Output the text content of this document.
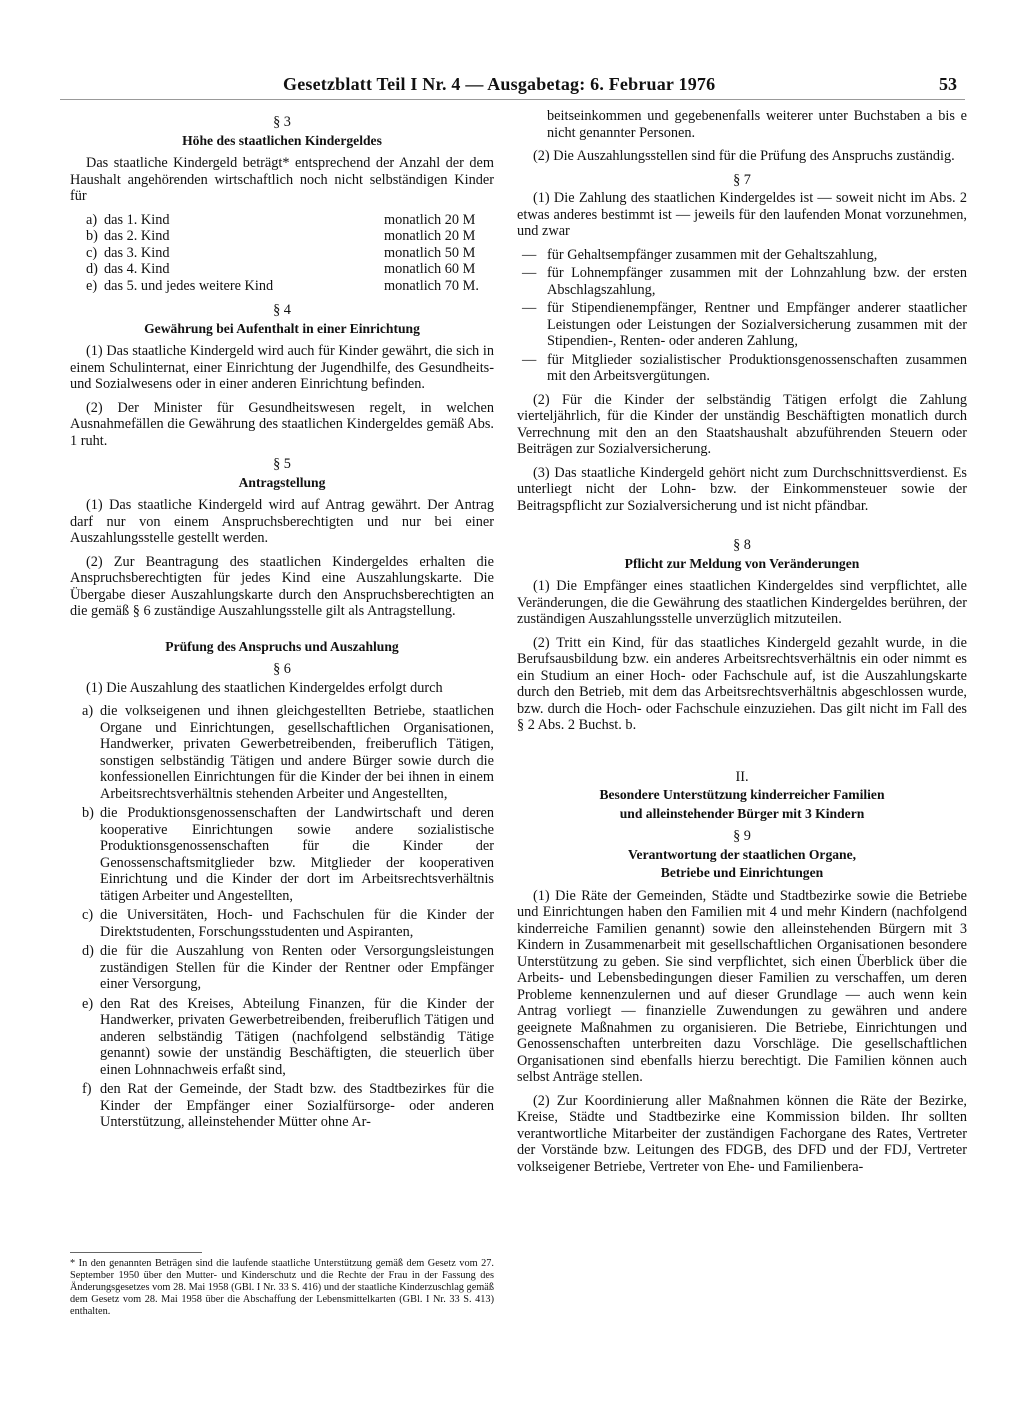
Gesetzblatt Teil I Nr. 4 — Ausgabetag: 6. Februar 1976	53
§ 3
Höhe des staatlichen Kindergeldes

Das staatliche Kindergeld beträgt* entsprechend der Anzahl der dem Haushalt angehörenden wirtschaftlich noch nicht selbständigen Kinder für

a)	das 1. Kind	monatlich 20 M
b)	das 2. Kind	monatlich 20 M
c)	das 3. Kind	monatlich 50 M
d)	das 4. Kind	monatlich 60 M
e)	das 5. und jedes weitere Kind	monatlich 70 M.
§ 4
Gewährung bei Aufenthalt in einer Einrichtung

(1) Das staatliche Kindergeld wird auch für Kinder gewährt, die sich in einem Schulinternat, einer Einrichtung der Jugendhilfe, des Gesundheits- und Sozialwesens oder in einer anderen Einrichtung befinden.

(2) Der Minister für Gesundheitswesen regelt, in welchen Ausnahmefällen die Gewährung des staatlichen Kindergeldes gemäß Abs. 1 ruht.

§ 5
Antragstellung

(1) Das staatliche Kindergeld wird auf Antrag gewährt. Der Antrag darf nur von einem Anspruchsberechtigten und nur bei einer Auszahlungsstelle gestellt werden.

(2) Zur Beantragung des staatlichen Kindergeldes erhalten die Anspruchsberechtigten für jedes Kind eine Auszahlungskarte. Die Übergabe dieser Auszahlungskarte durch den Anspruchsberechtigten an die gemäß § 6 zuständige Auszahlungsstelle gilt als Antragstellung.

Prüfung des Anspruchs und Auszahlung
§ 6

(1) Die Auszahlung des staatlichen Kindergeldes erfolgt durch

a) die volkseigenen und ihnen gleichgestellten Betriebe, staatlichen Organe und Einrichtungen, gesellschaftlichen Organisationen, Handwerker, privaten Gewerbetreibenden, freiberuflich Tätigen, sonstigen selbständig Tätigen und andere Bürger sowie durch die konfessionellen Einrichtungen für die Kinder der bei ihnen in einem Arbeitsrechtsverhältnis stehenden Arbeiter und Angestellten,
b) die Produktionsgenossenschaften der Landwirtschaft und deren kooperative Einrichtungen sowie andere sozialistische Produktionsgenossenschaften für die Kinder der Genossenschaftsmitglieder bzw. Mitglieder der kooperativen Einrichtung und die Kinder der dort im Arbeitsrechtsverhältnis tätigen Arbeiter und Angestellten,
c) die Universitäten, Hoch- und Fachschulen für die Kinder der Direktstudenten, Forschungsstudenten und Aspiranten,
d) die für die Auszahlung von Renten oder Versorgungsleistungen zuständigen Stellen für die Kinder der Rentner oder Empfänger einer Versorgung,
e) den Rat des Kreises, Abteilung Finanzen, für die Kinder der Handwerker, privaten Gewerbetreibenden, freiberuflich Tätigen und anderen selbständig Tätigen (nachfolgend selbständig Tätige genannt) sowie der unständig Beschäftigten, die steuerlich über einen Lohnnachweis erfaßt sind,
f) den Rat der Gemeinde, der Stadt bzw. des Stadtbezirkes für die Kinder der Empfänger einer Sozialfürsorge- oder anderen Unterstützung, alleinstehender Mütter ohne Ar-
* In den genannten Beträgen sind die laufende staatliche Unterstützung gemäß dem Gesetz vom 27. September 1950 über den Mutter- und Kinderschutz und die Rechte der Frau in der Fassung des Änderungsgesetzes vom 28. Mai 1958 (GBl. I Nr. 33 S. 416) und der staatliche Kinderzuschlag gemäß dem Gesetz vom 28. Mai 1958 über die Abschaffung der Lebensmittelkarten (GBl. I Nr. 33 S. 413) enthalten.

beitseinkommen und gegebenenfalls weiterer unter Buchstaben a bis e nicht genannter Personen.

(2) Die Auszahlungsstellen sind für die Prüfung des Anspruchs zuständig.

§ 7

(1) Die Zahlung des staatlichen Kindergeldes ist — soweit nicht im Abs. 2 etwas anderes bestimmt ist — jeweils für den laufenden Monat vorzunehmen, und zwar

— für Gehaltsempfänger zusammen mit der Gehaltszahlung,
— für Lohnempfänger zusammen mit der Lohnzahlung bzw. der ersten Abschlagszahlung,
— für Stipendienempfänger, Rentner und Empfänger anderer staatlicher Leistungen oder Leistungen der Sozialversicherung zusammen mit der Stipendien-, Renten- oder anderen Zahlung,
— für Mitglieder sozialistischer Produktionsgenossenschaften zusammen mit den Arbeitsvergütungen.

(2) Für die Kinder der selbständig Tätigen erfolgt die Zahlung vierteljährlich, für die Kinder der unständig Beschäftigten monatlich durch Verrechnung mit den an den Staatshaushalt abzuführenden Steuern oder Beiträgen zur Sozialversicherung.

(3) Das staatliche Kindergeld gehört nicht zum Durchschnittsverdienst. Es unterliegt nicht der Lohn- bzw. der Einkommensteuer sowie der Beitragspflicht zur Sozialversicherung und ist nicht pfändbar.

§ 8
Pflicht zur Meldung von Veränderungen

(1) Die Empfänger eines staatlichen Kindergeldes sind verpflichtet, alle Veränderungen, die die Gewährung des staatlichen Kindergeldes berühren, der zuständigen Auszahlungsstelle unverzüglich mitzuteilen.

(2) Tritt ein Kind, für das staatliches Kindergeld gezahlt wurde, in die Berufsausbildung bzw. ein anderes Arbeitsrechtsverhältnis ein oder nimmt es ein Studium an einer Hoch- oder Fachschule auf, ist die Auszahlungskarte durch den Betrieb, mit dem das Arbeitsrechtsverhältnis abgeschlossen wurde, bzw. durch die Hoch- oder Fachschule einzuziehen. Das gilt nicht im Fall des § 2 Abs. 2 Buchst. b.

II.
Besondere Unterstützung kinderreicher Familien
und alleinstehender Bürger mit 3 Kindern
§ 9
Verantwortung der staatlichen Organe,
Betriebe und Einrichtungen

(1) Die Räte der Gemeinden, Städte und Stadtbezirke sowie die Betriebe und Einrichtungen haben den Familien mit 4 und mehr Kindern (nachfolgend kinderreiche Familien genannt) sowie den alleinstehenden Bürgern mit 3 Kindern in Zusammenarbeit mit gesellschaftlichen Organisationen besondere Unterstützung zu geben. Sie sind verpflichtet, sich einen Überblick über die Arbeits- und Lebensbedingungen dieser Familien zu verschaffen, um deren Probleme kennenzulernen und auf dieser Grundlage — auch wenn kein Antrag vorliegt — finanzielle Zuwendungen zu gewähren und andere geeignete Maßnahmen zu organisieren. Die Betriebe, Einrichtungen und Genossenschaften unterbreiten dazu Vorschläge. Die gesellschaftlichen Organisationen sind ebenfalls hierzu berechtigt. Die Familien können auch selbst Anträge stellen.

(2) Zur Koordinierung aller Maßnahmen können die Räte der Bezirke, Kreise, Städte und Stadtbezirke eine Kommission bilden. Ihr sollten verantwortliche Mitarbeiter der zuständigen Fachorgane des Rates, Vertreter der Vorstände bzw. Leitungen des FDGB, des DFD und der FDJ, Vertreter volkseigener Betriebe, Vertreter von Ehe- und Familienbera-
